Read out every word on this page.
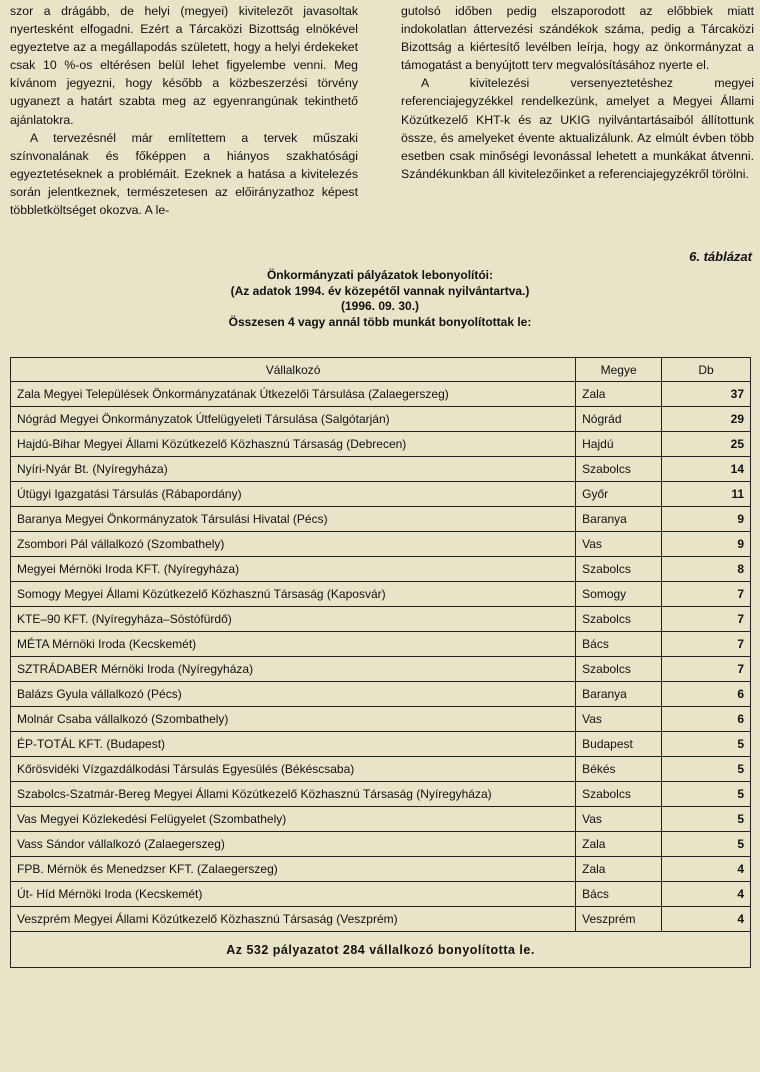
szor a drágább, de helyi (megyei) kivitelezőt javasoltak nyertesként elfogadni. Ezért a Tárcaközi Bizottság elnökével egyeztetve az a megállapodás született, hogy a helyi érdekeket csak 10 %-os eltérésen belül lehet figyelembe venni. Meg kívánom jegyezni, hogy később a közbeszerzési törvény ugyanezt a határt szabta meg az egyenrangúnak tekinthető ajánlatokra.

A tervezésnél már említettem a tervek műszaki színvonalának és főképpen a hiányos szakhatósági egyeztetéseknek a problémáit. Ezeknek a hatása a kivitelezés során jelentkeznek, természetesen az előirányzathoz képest többletköltséget okozva. A le-

gutolsó időben pedig elszaporodott az előbbiek miatt indokolatlan áttervezési szándékok száma, pedig a Tárcaközi Bizottság a kiértesítő levélben leírja, hogy az önkormányzat a támogatást a benyújtott terv megvalósításához nyerte el.

A kivitelezési versenyeztetéshez megyei referenciajegyzékkel rendelkezünk, amelyet a Megyei Állami Közútkezelő KHT-k és az UKIG nyilvántartásaiból állítottunk össze, és amelyeket évente aktualizálunk. Az elmúlt évben több esetben csak minőségi levonással lehetett a munkákat átvenni. Szándékunkban áll kivitelezőinket a referenciajegyzékről törölni.

6. táblázat
Önkormányzati pályázatok lebonyolítói:
(Az adatok 1994. év közepétől vannak nyilvántartva.)
(1996. 09. 30.)
Összesen 4 vagy annál több munkát bonyolítottak le:
Vállalkozó	Megye	Db
Zala Megyei Települések Önkormányzatának Útkezelői Társulása (Zalaegerszeg)	Zala	37
Nógrád Megyei Önkormányzatok Útfelügyeleti Társulása (Salgótarján)	Nógrád	29
Hajdú-Bihar Megyei Állami Közútkezelő Közhasznú Társaság (Debrecen)	Hajdú	25
Nyíri-Nyár Bt. (Nyíregyháza)	Szabolcs	14
Útügyi Igazgatási Társulás (Rábapordány)	Győr	11
Baranya Megyei Önkormányzatok Társulási Hivatal (Pécs)	Baranya	9
Zsombori Pál vállalkozó (Szombathely)	Vas	9
Megyei Mérnöki Iroda KFT. (Nyíregyháza)	Szabolcs	8
Somogy Megyei Állami Közútkezelő Közhasznú Társaság (Kaposvár)	Somogy	7
KTE–90 KFT. (Nyíregyháza–Sóstófürdő)	Szabolcs	7
MÉTA Mérnöki Iroda (Kecskemét)	Bács	7
SZTRÁDABER Mérnöki Iroda (Nyíregyháza)	Szabolcs	7
Balázs Gyula vállalkozó (Pécs)	Baranya	6
Molnár Csaba vállalkozó (Szombathely)	Vas	6
ÉP-TOTÁL KFT. (Budapest)	Budapest	5
Kőrösvidéki Vízgazdálkodási Társulás Egyesülés (Békéscsaba)	Békés	5
Szabolcs-Szatmár-Bereg Megyei Állami Közútkezelő Közhasznú Társaság (Nyíregyháza)	Szabolcs	5
Vas Megyei Közlekedési Felügyelet (Szombathely)	Vas	5
Vass Sándor vállalkozó (Zalaegerszeg)	Zala	5
FPB. Mérnök és Menedzser KFT. (Zalaegerszeg)	Zala	4
Út- Híd Mérnöki Iroda (Kecskemét)	Bács	4
Veszprém Megyei Állami Közútkezelő Közhasznú Társaság (Veszprém)	Veszprém	4
Az 532 pályazatot 284 vállalkozó bonyolította le.		
